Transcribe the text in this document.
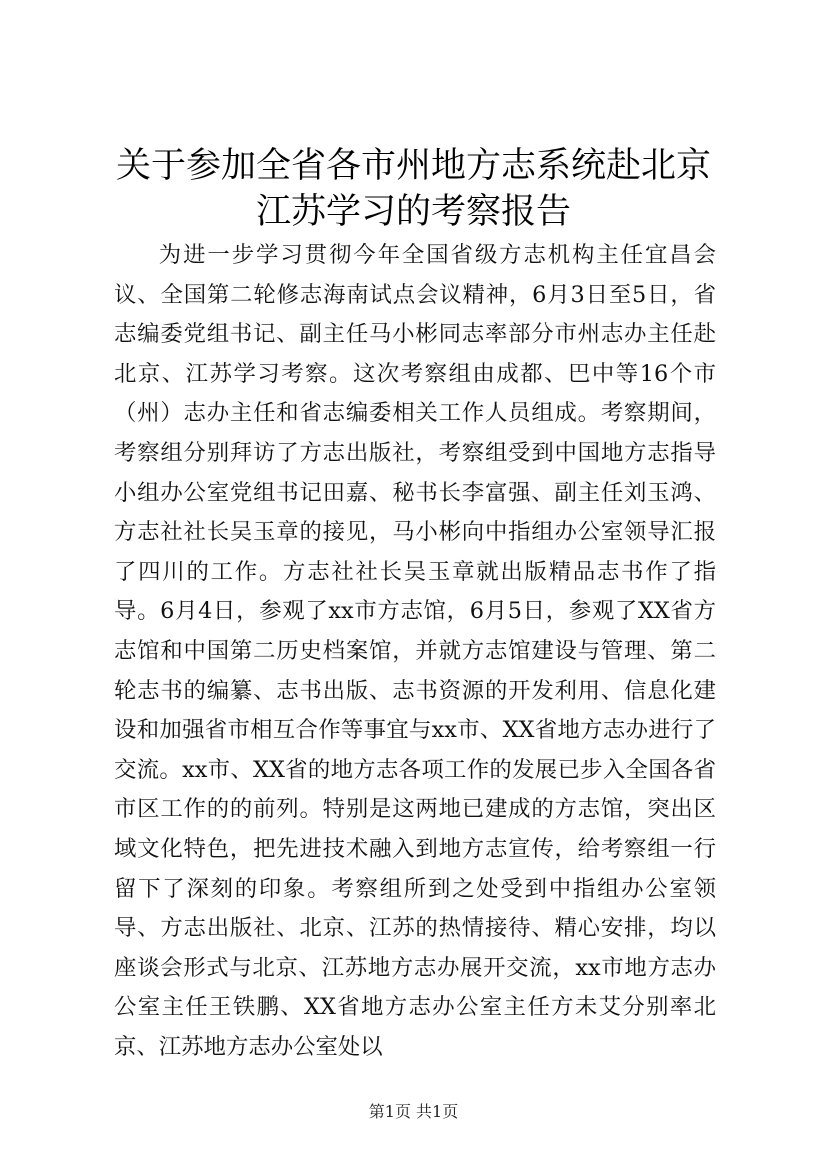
关于参加全省各市州地方志系统赴北京江苏学习的考察报告

为进一步学习贯彻今年全国省级方志机构主任宜昌会议、全国第二轮修志海南试点会议精神，6月3日至5日，省志编委党组书记、副主任马小彬同志率部分市州志办主任赴北京、江苏学习考察。这次考察组由成都、巴中等16个市（州）志办主任和省志编委相关工作人员组成。考察期间，考察组分别拜访了方志出版社，考察组受到中国地方志指导小组办公室党组书记田嘉、秘书长李富强、副主任刘玉鸿、方志社社长吴玉章的接见，马小彬向中指组办公室领导汇报了四川的工作。方志社社长吴玉章就出版精品志书作了指导。6月4日，参观了xx市方志馆，6月5日，参观了XX省方志馆和中国第二历史档案馆，并就方志馆建设与管理、第二轮志书的编纂、志书出版、志书资源的开发利用、信息化建设和加强省市相互合作等事宜与xx市、XX省地方志办进行了交流。xx市、XX省的地方志各项工作的发展已步入全国各省市区工作的的前列。特别是这两地已建成的方志馆，突出区域文化特色，把先进技术融入到地方志宣传，给考察组一行留下了深刻的印象。考察组所到之处受到中指组办公室领导、方志出版社、北京、江苏的热情接待、精心安排，均以座谈会形式与北京、江苏地方志办展开交流，xx市地方志办公室主任王铁鹏、XX省地方志办公室主任方未艾分别率北京、江苏地方志办公室处以

第1页 共1页
